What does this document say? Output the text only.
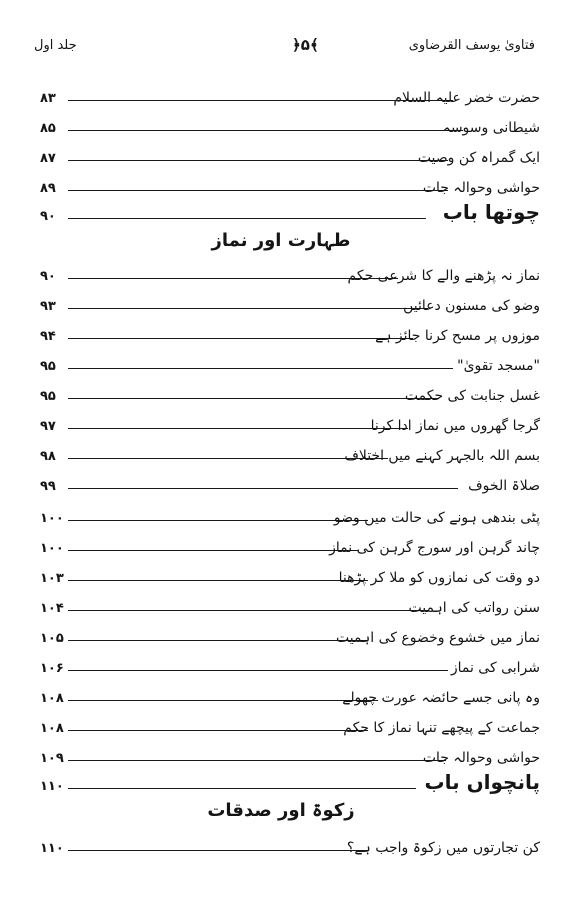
جلد اول	﴿۵﴾	فتاویٰ یوسف القرضاوی
۸۳	حضرت خضر علیہ السلام
۸۵	شیطانی وسوسہ
۸۷	ایک گمراہ کن وصیت
۸۹	حواشی وحوالہ جات
۹۰	چوتھا باب
طہارت اور نماز
۹۰	نماز نہ پڑھنے والے کا شرعی حکم
۹۳	وضو کی مسنون دعائیں
۹۴	موزوں پر مسح کرنا جائز ہے
۹۵	"مسجد تقویٰ"
۹۵	غسل جنابت کی حکمت
۹۷	گرجا گھروں میں نماز ادا کرنا
۹۸	بسم اللہ بالجہر کہنے میں اختلاف
۹۹	صلاۃ الخوف
۱۰۰	پٹی بندھی ہونے کی حالت میں وضو
۱۰۰	چاند گرہن اور سورج گرہن کی نماز
۱۰۳	دو وقت کی نمازوں کو ملا کر پڑھنا
۱۰۴	سنن رواتب کی اہمیت
۱۰۵	نماز میں خشوع وخضوع کی اہمیت
۱۰۶	شرابی کی نماز
۱۰۸	وہ پانی جسے حائضہ عورت چھولے
۱۰۸	جماعت کے پیچھے تنہا نماز کا حکم
۱۰۹	حواشی وحوالہ جات
۱۱۰	پانچواں باب
زکوۃ اور صدقات
۱۱۰	کن تجارتوں میں زکوۃ واجب ہے؟
